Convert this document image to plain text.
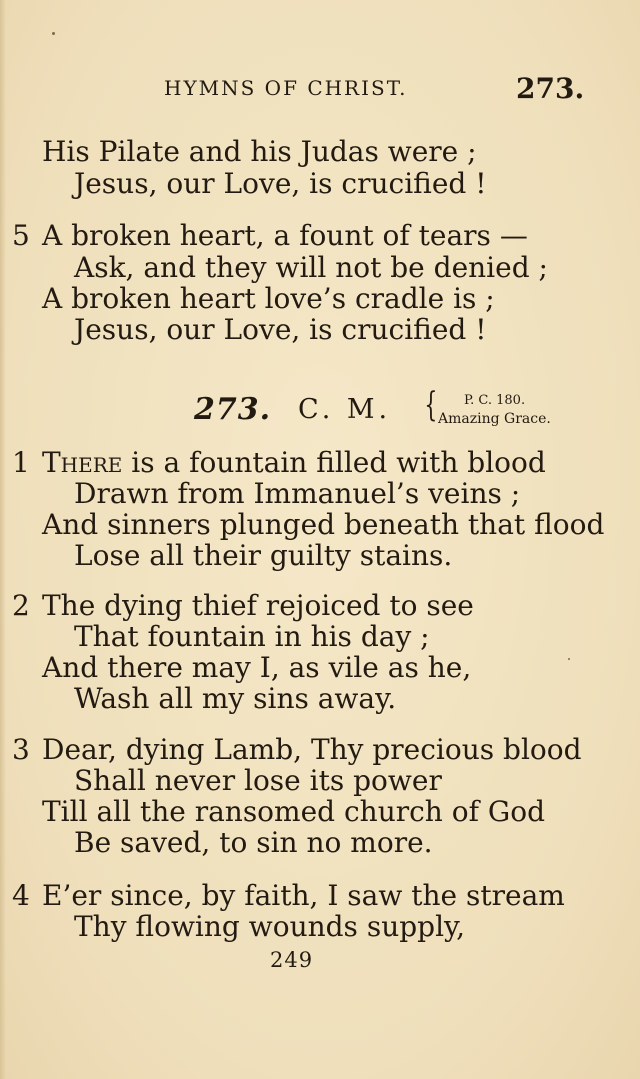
HYMNS OF CHRIST.	273.
His Pilate and his Judas were ;
Jesus, our Love, is crucified !
5 A broken heart, a fount of tears —
Ask, and they will not be denied ;
A broken heart love’s cradle is ;
Jesus, our Love, is crucified !
273. C. M. { P. C. 180.
Amazing Grace.
1 There is a fountain filled with blood
Drawn from Immanuel’s veins ;
And sinners plunged beneath that flood
Lose all their guilty stains.
2 The dying thief rejoiced to see
That fountain in his day ;
And there may I, as vile as he,
Wash all my sins away.
3 Dear, dying Lamb, Thy precious blood
Shall never lose its power
Till all the ransomed church of God
Be saved, to sin no more.
4 E’er since, by faith, I saw the stream
Thy flowing wounds supply,
249
